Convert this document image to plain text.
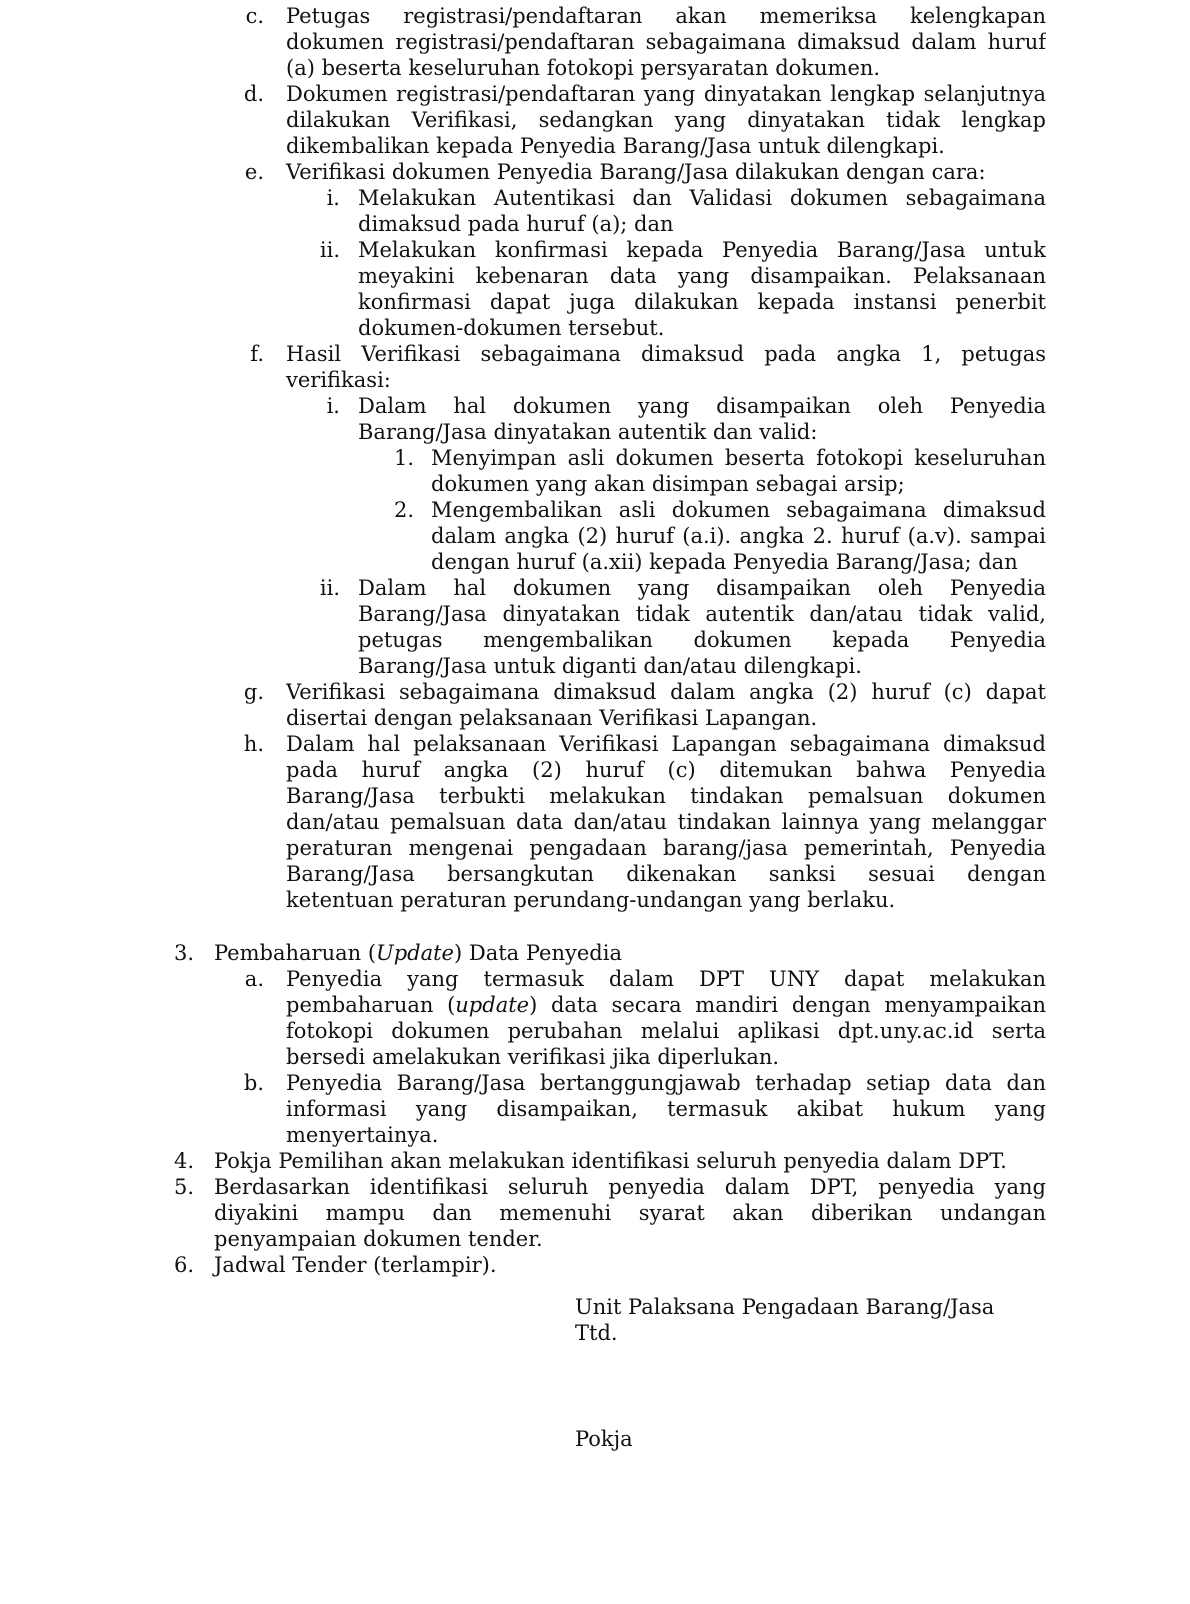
c. Petugas registrasi/pendaftaran akan memeriksa kelengkapan
dokumen registrasi/pendaftaran sebagaimana dimaksud dalam huruf
(a) beserta keseluruhan fotokopi persyaratan dokumen.
d. Dokumen registrasi/pendaftaran yang dinyatakan lengkap selanjutnya
dilakukan Verifikasi, sedangkan yang dinyatakan tidak lengkap
dikembalikan kepada Penyedia Barang/Jasa untuk dilengkapi.
e. Verifikasi dokumen Penyedia Barang/Jasa dilakukan dengan cara:
i. Melakukan Autentikasi dan Validasi dokumen sebagaimana
dimaksud pada huruf (a); dan
ii. Melakukan konfirmasi kepada Penyedia Barang/Jasa untuk
meyakini kebenaran data yang disampaikan. Pelaksanaan
konfirmasi dapat juga dilakukan kepada instansi penerbit
dokumen-dokumen tersebut.
f. Hasil Verifikasi sebagaimana dimaksud pada angka 1, petugas
verifikasi:
i. Dalam hal dokumen yang disampaikan oleh Penyedia
Barang/Jasa dinyatakan autentik dan valid:
1. Menyimpan asli dokumen beserta fotokopi keseluruhan
dokumen yang akan disimpan sebagai arsip;
2. Mengembalikan asli dokumen sebagaimana dimaksud
dalam angka (2) huruf (a.i). angka 2. huruf (a.v). sampai
dengan huruf (a.xii) kepada Penyedia Barang/Jasa; dan
ii. Dalam hal dokumen yang disampaikan oleh Penyedia
Barang/Jasa dinyatakan tidak autentik dan/atau tidak valid,
petugas mengembalikan dokumen kepada Penyedia
Barang/Jasa untuk diganti dan/atau dilengkapi.
g. Verifikasi sebagaimana dimaksud dalam angka (2) huruf (c) dapat
disertai dengan pelaksanaan Verifikasi Lapangan.
h. Dalam hal pelaksanaan Verifikasi Lapangan sebagaimana dimaksud
pada huruf angka (2) huruf (c) ditemukan bahwa Penyedia
Barang/Jasa terbukti melakukan tindakan pemalsuan dokumen
dan/atau pemalsuan data dan/atau tindakan lainnya yang melanggar
peraturan mengenai pengadaan barang/jasa pemerintah, Penyedia
Barang/Jasa bersangkutan dikenakan sanksi sesuai dengan
ketentuan peraturan perundang-undangan yang berlaku.
3. Pembaharuan (Update) Data Penyedia
a. Penyedia yang termasuk dalam DPT UNY dapat melakukan
pembaharuan (update) data secara mandiri dengan menyampaikan
fotokopi dokumen perubahan melalui aplikasi dpt.uny.ac.id serta
bersedi amelakukan verifikasi jika diperlukan.
b. Penyedia Barang/Jasa bertanggungjawab terhadap setiap data dan
informasi yang disampaikan, termasuk akibat hukum yang
menyertainya.
4. Pokja Pemilihan akan melakukan identifikasi seluruh penyedia dalam DPT.
5. Berdasarkan identifikasi seluruh penyedia dalam DPT, penyedia yang
diyakini mampu dan memenuhi syarat akan diberikan undangan
penyampaian dokumen tender.
6. Jadwal Tender (terlampir).
Unit Palaksana Pengadaan Barang/Jasa
Ttd.
Pokja
